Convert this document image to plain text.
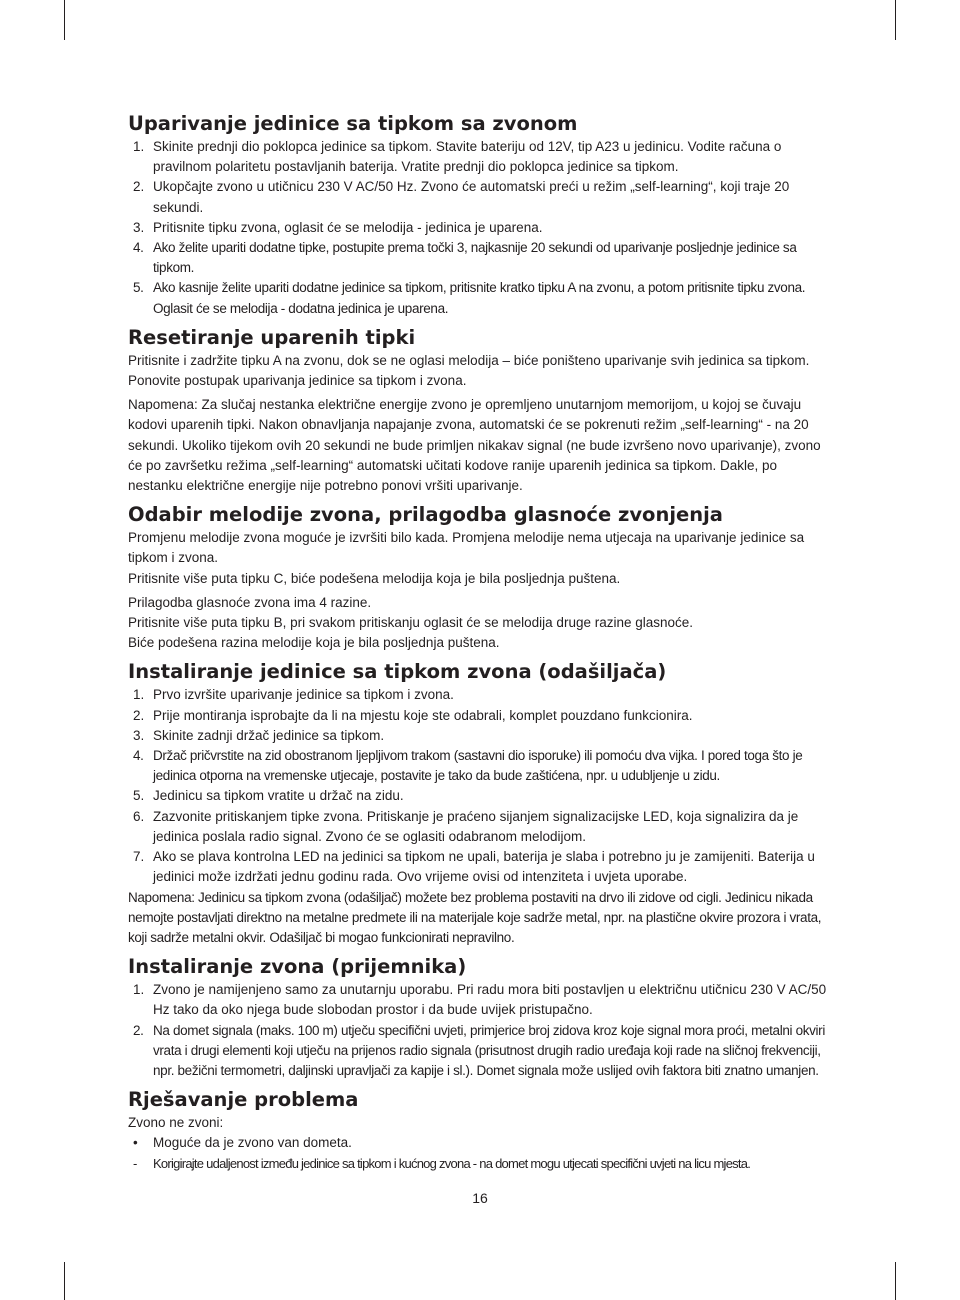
Uparivanje jedinice sa tipkom sa zvonom
1. Skinite prednji dio poklopca jedinice sa tipkom. Stavite bateriju od 12V, tip A23 u jedinicu. Vodite računa o pravilnom polaritetu postavljanih baterija. Vratite prednji dio poklopca jedinice sa tipkom.
2. Ukopčajte zvono u utičnicu 230 V AC/50 Hz. Zvono će automatski preći u režim „self-learning“, koji traje 20 sekundi.
3. Pritisnite tipku zvona, oglasit će se melodija - jedinica je uparena.
4. Ako želite upariti dodatne tipke, postupite prema točki 3, najkasnije 20 sekundi od uparivanje posljednje jedinice sa tipkom.
5. Ako kasnije želite upariti dodatne jedinice sa tipkom, pritisnite kratko tipku A na zvonu, a potom pritisnite tipku zvona. Oglasit će se melodija - dodatna jedinica je uparena.
Resetiranje uparenih tipki

Pritisnite i zadržite tipku A na zvonu, dok se ne oglasi melodija – biće poništeno uparivanje svih jedinica sa tipkom. Ponovite postupak uparivanja jedinice sa tipkom i zvona.

Napomena: Za slučaj nestanka električne energije zvono je opremljeno unutarnjom memorijom, u kojoj se čuvaju kodovi uparenih tipki. Nakon obnavljanja napajanje zvona, automatski će se pokrenuti režim „self-learning“ - na 20 sekundi. Ukoliko tijekom ovih 20 sekundi ne bude primljen nikakav signal (ne bude izvršeno novo uparivanje), zvono će po završetku režima „self-learning“ automatski učitati kodove ranije uparenih jedinica sa tipkom. Dakle, po nestanku električne energije nije potrebno ponovi vršiti uparivanje.

Odabir melodije zvona, prilagodba glasnoće zvonjenja

Promjenu melodije zvona moguće je izvršiti bilo kada. Promjena melodije nema utjecaja na uparivanje jedinice sa tipkom i zvona.

Pritisnite više puta tipku C, biće podešena melodija koja je bila posljednja puštena.

Prilagodba glasnoće zvona ima 4 razine.

Pritisnite više puta tipku B, pri svakom pritiskanju oglasit će se melodija druge razine glasnoće.

Biće podešena razina melodije koja je bila posljednja puštena.

Instaliranje jedinice sa tipkom zvona (odašiljača)
1. Prvo izvršite uparivanje jedinice sa tipkom i zvona.
2. Prije montiranja isprobajte da li na mjestu koje ste odabrali, komplet pouzdano funkcionira.
3. Skinite zadnji držač jedinice sa tipkom.
4. Držač pričvrstite na zid obostranom ljepljivom trakom (sastavni dio isporuke) ili pomoću dva vijka. I pored toga što je jedinica otporna na vremenske utjecaje, postavite je tako da bude zaštićena, npr. u udubljenje u zidu.
5. Jedinicu sa tipkom vratite u držač na zidu.
6. Zazvonite pritiskanjem tipke zvona. Pritiskanje je praćeno sijanjem signalizacijske LED, koja signalizira da je jedinica poslala radio signal. Zvono će se oglasiti odabranom melodijom.
7. Ako se plava kontrolna LED na jedinici sa tipkom ne upali, baterija je slaba i potrebno ju je zamijeniti. Baterija u jedinici može izdržati jednu godinu rada. Ovo vrijeme ovisi od intenziteta i uvjeta uporabe.

Napomena: Jedinicu sa tipkom zvona (odašiljač) možete bez problema postaviti na drvo ili zidove od cigli. Jedinicu nikada nemojte postavljati direktno na metalne predmete ili na materijale koje sadrže metal, npr. na plastične okvire prozora i vrata, koji sadrže metalni okvir. Odašiljač bi mogao funkcionirati nepravilno.

Instaliranje zvona (prijemnika)
1. Zvono je namijenjeno samo za unutarnju uporabu. Pri radu mora biti postavljen u električnu utičnicu 230 V AC/50 Hz tako da oko njega bude slobodan prostor i da bude uvijek pristupačno.
2. Na domet signala (maks. 100 m) utječu specifični uvjeti, primjerice broj zidova kroz koje signal mora proći, metalni okviri vrata i drugi elementi koji utječu na prijenos radio signala (prisutnost drugih radio uređaja koji rade na sličnoj frekvenciji, npr. bežični termometri, daljinski upravljači za kapije i sl.). Domet signala može uslijed ovih faktora biti znatno umanjen.
Rješavanje problema

Zvono ne zvoni:

•	Moguće da je zvono van dometa.
-	Korigirajte udaljenost između jedinice sa tipkom i kućnog zvona - na domet mogu utjecati specifični uvjeti na licu mjesta.
16
